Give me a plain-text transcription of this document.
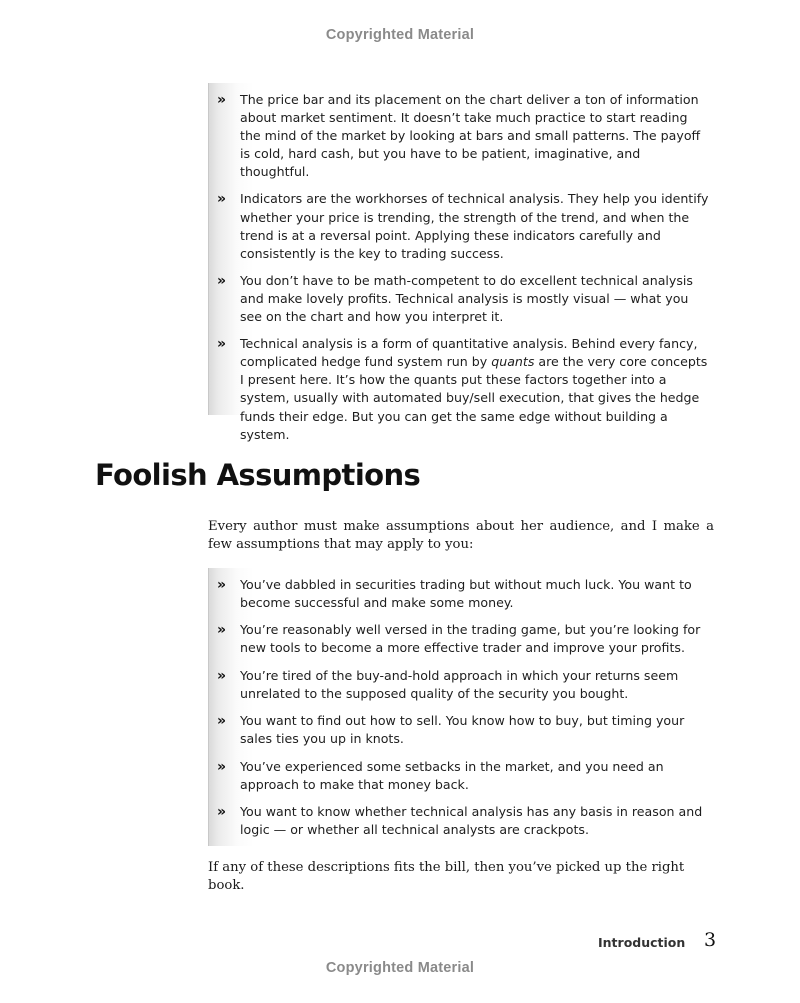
Copyrighted Material
» The price bar and its placement on the chart deliver a ton of information about market sentiment. It doesn’t take much practice to start reading the mind of the market by looking at bars and small patterns. The payoff is cold, hard cash, but you have to be patient, imaginative, and thoughtful.
» Indicators are the workhorses of technical analysis. They help you identify whether your price is trending, the strength of the trend, and when the trend is at a reversal point. Applying these indicators carefully and consistently is the key to trading success.
» You don’t have to be math-competent to do excellent technical analysis and make lovely profits. Technical analysis is mostly visual — what you see on the chart and how you interpret it.
» Technical analysis is a form of quantitative analysis. Behind every fancy, complicated hedge fund system run by quants are the very core concepts I present here. It’s how the quants put these factors together into a system, usually with automated buy/sell execution, that gives the hedge funds their edge. But you can get the same edge without building a system.
Foolish Assumptions

Every author must make assumptions about her audience, and I make a few assumptions that may apply to you:

» You’ve dabbled in securities trading but without much luck. You want to become successful and make some money.
» You’re reasonably well versed in the trading game, but you’re looking for new tools to become a more effective trader and improve your profits.
» You’re tired of the buy-and-hold approach in which your returns seem unrelated to the supposed quality of the security you bought.
» You want to find out how to sell. You know how to buy, but timing your sales ties you up in knots.
» You’ve experienced some setbacks in the market, and you need an approach to make that money back.
» You want to know whether technical analysis has any basis in reason and logic — or whether all technical analysts are crackpots.

If any of these descriptions fits the bill, then you’ve picked up the right book.

Introduction 3
Copyrighted Material
